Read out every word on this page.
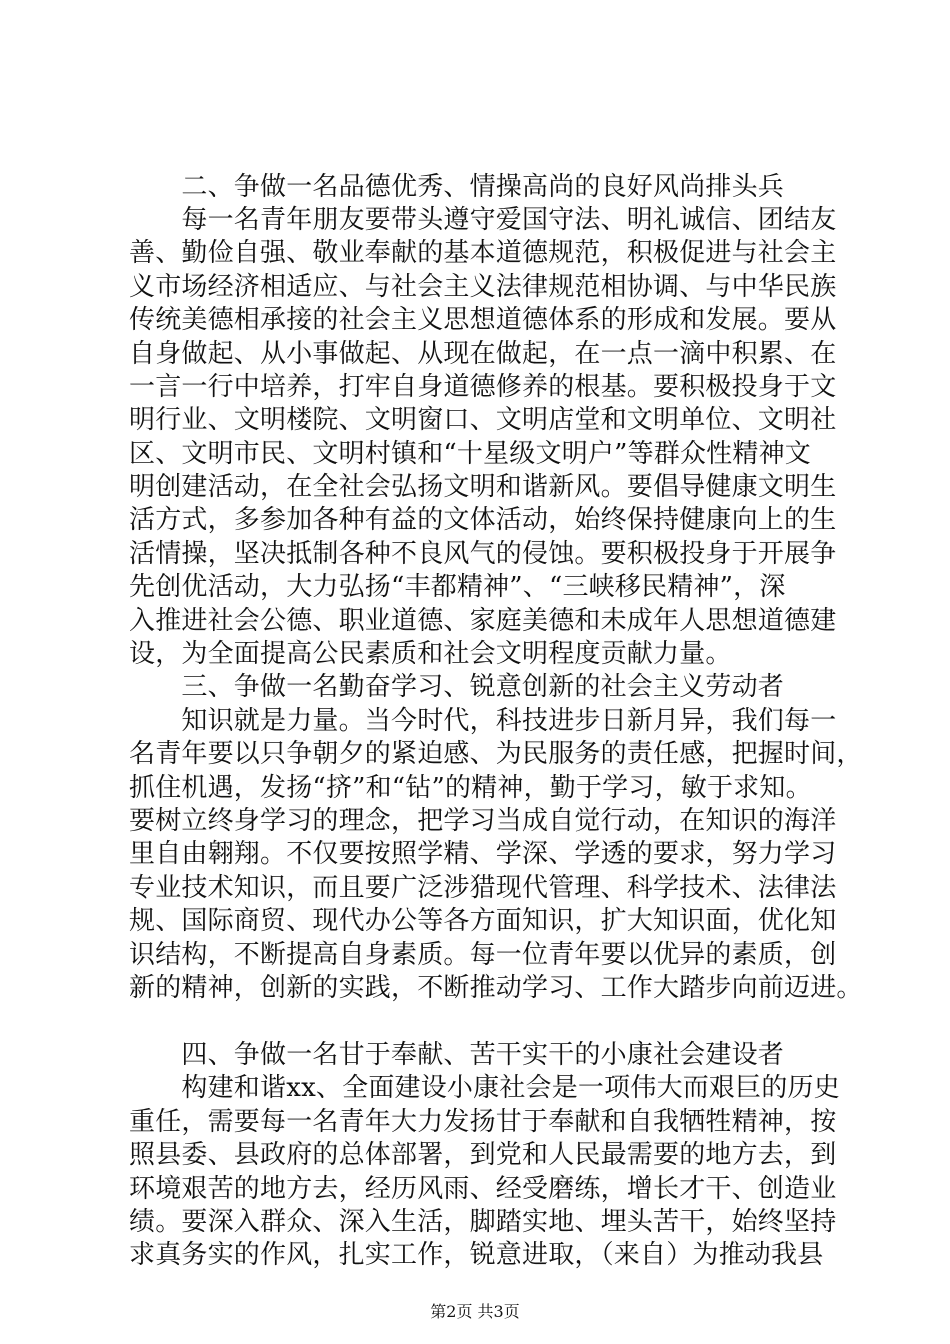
　　二、争做一名品德优秀、情操高尚的良好风尚排头兵
　　每一名青年朋友要带头遵守爱国守法、明礼诚信、团结友
善、勤俭自强、敬业奉献的基本道德规范，积极促进与社会主
义市场经济相适应、与社会主义法律规范相协调、与中华民族
传统美德相承接的社会主义思想道德体系的形成和发展。要从
自身做起、从小事做起、从现在做起，在一点一滴中积累、在
一言一行中培养，打牢自身道德修养的根基。要积极投身于文
明行业、文明楼院、文明窗口、文明店堂和文明单位、文明社
区、文明市民、文明村镇和“十星级文明户”等群众性精神文
明创建活动，在全社会弘扬文明和谐新风。要倡导健康文明生
活方式，多参加各种有益的文体活动，始终保持健康向上的生
活情操，坚决抵制各种不良风气的侵蚀。要积极投身于开展争
先创优活动，大力弘扬“丰都精神”、“三峡移民精神”，深
入推进社会公德、职业道德、家庭美德和未成年人思想道德建
设，为全面提高公民素质和社会文明程度贡献力量。
　　三、争做一名勤奋学习、锐意创新的社会主义劳动者
　　知识就是力量。当今时代，科技进步日新月异，我们每一
名青年要以只争朝夕的紧迫感、为民服务的责任感，把握时间，
抓住机遇，发扬“挤”和“钻”的精神，勤于学习，敏于求知。
要树立终身学习的理念，把学习当成自觉行动，在知识的海洋
里自由翱翔。不仅要按照学精、学深、学透的要求，努力学习
专业技术知识，而且要广泛涉猎现代管理、科学技术、法律法
规、国际商贸、现代办公等各方面知识，扩大知识面，优化知
识结构，不断提高自身素质。每一位青年要以优异的素质，创
新的精神，创新的实践，不断推动学习、工作大踏步向前迈进。
　　四、争做一名甘于奉献、苦干实干的小康社会建设者
　　构建和谐xx、全面建设小康社会是一项伟大而艰巨的历史
重任，需要每一名青年大力发扬甘于奉献和自我牺牲精神，按
照县委、县政府的总体部署，到党和人民最需要的地方去，到
环境艰苦的地方去，经历风雨、经受磨练，增长才干、创造业
绩。要深入群众、深入生活，脚踏实地、埋头苦干，始终坚持
求真务实的作风，扎实工作，锐意进取，（来自）为推动我县
第2页 共3页
